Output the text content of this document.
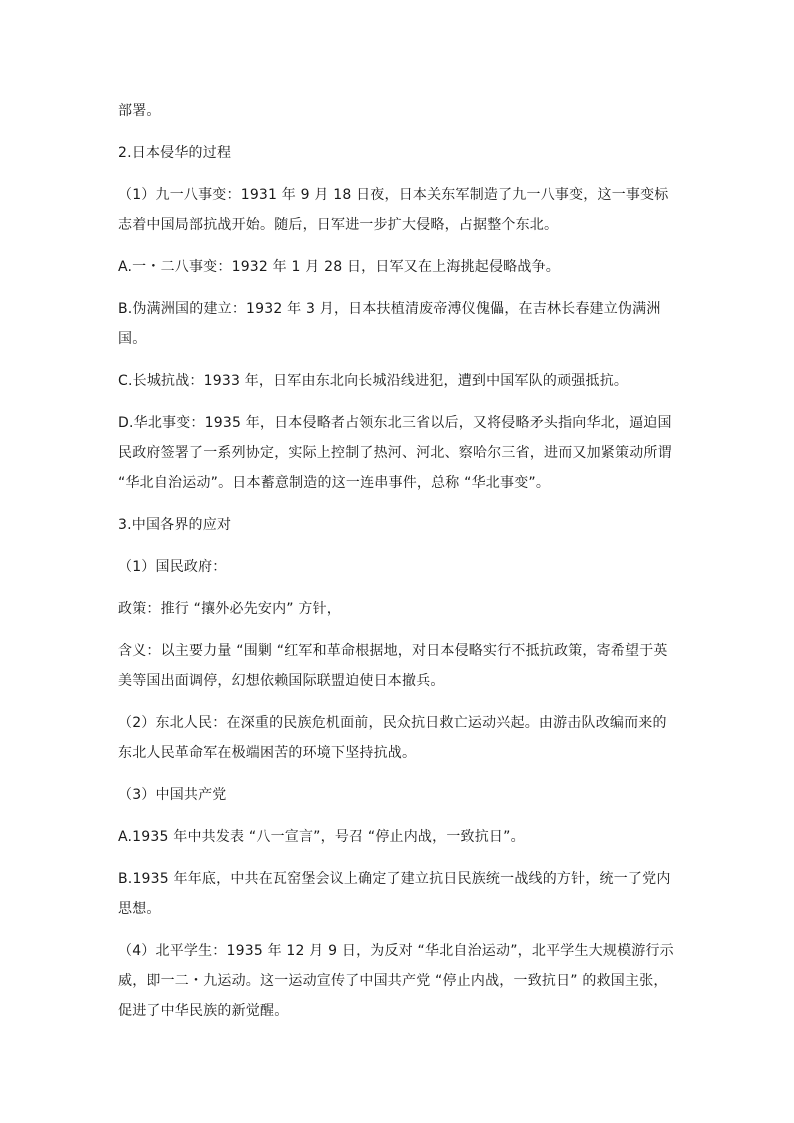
部署。

2.日本侵华的过程

（1）九一八事变：1931 年 9 月 18 日夜，日本关东军制造了九一八事变，这一事变标志着中国局部抗战开始。随后，日军进一步扩大侵略，占据整个东北。

A.一・二八事变：1932 年 1 月 28 日，日军又在上海挑起侵略战争。

B.伪满洲国的建立：1932 年 3 月，日本扶植清废帝溥仪傀儡，在吉林长春建立伪满洲国。

C.长城抗战：1933 年，日军由东北向长城沿线进犯，遭到中国军队的顽强抵抗。

D.华北事变：1935 年，日本侵略者占领东北三省以后，又将侵略矛头指向华北，逼迫国民政府签署了一系列协定，实际上控制了热河、河北、察哈尔三省，进而又加紧策动所谓 “华北自治运动”。日本蓄意制造的这一连串事件，总称 “华北事变”。

3.中国各界的应对

（1）国民政府：

政策：推行 “攘外必先安内” 方针，

含义：以主要力量 “围剿 “红军和革命根据地，对日本侵略实行不抵抗政策，寄希望于英美等国出面调停，幻想依赖国际联盟迫使日本撤兵。

（2）东北人民：在深重的民族危机面前，民众抗日救亡运动兴起。由游击队改编而来的东北人民革命军在极端困苦的环境下坚持抗战。

（3）中国共产党

A.1935 年中共发表 “八一宣言”，号召 “停止内战，一致抗日”。

B.1935 年年底，中共在瓦窑堡会议上确定了建立抗日民族统一战线的方针，统一了党内思想。

（4）北平学生：1935 年 12 月 9 日，为反对 “华北自治运动”，北平学生大规模游行示威，即一二・九运动。这一运动宣传了中国共产党 “停止内战，一致抗日” 的救国主张，促进了中华民族的新觉醒。
